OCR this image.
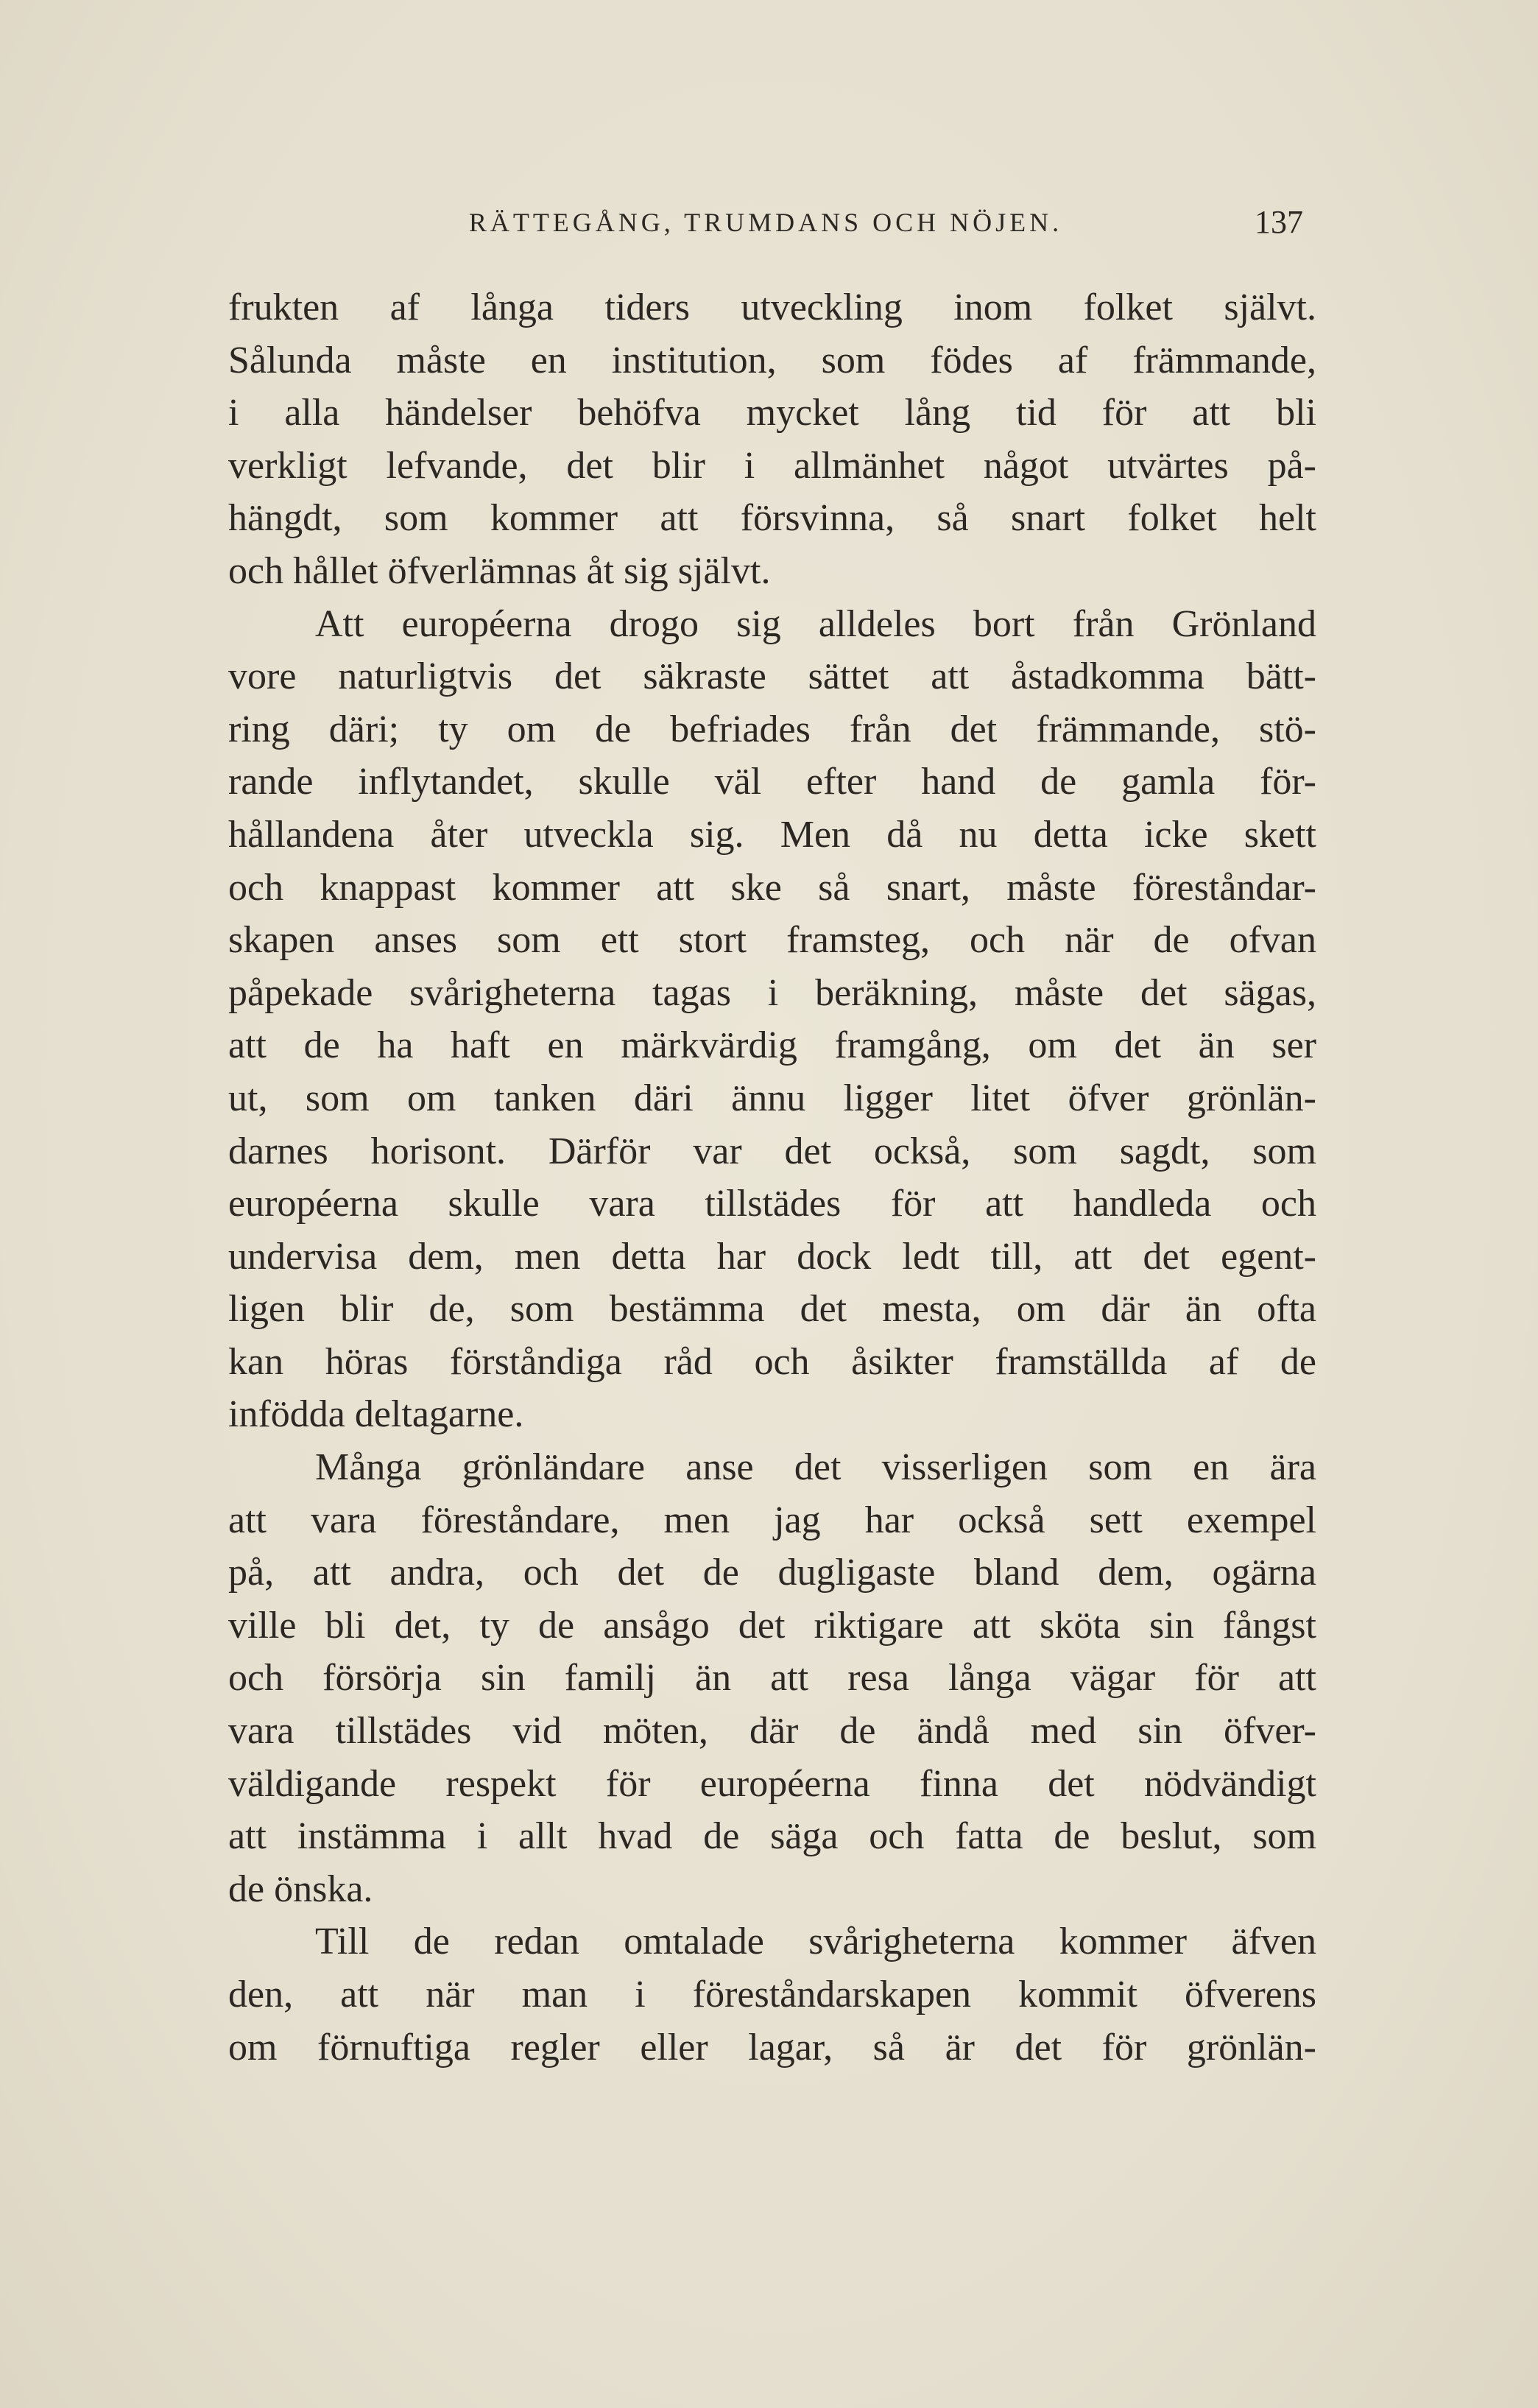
RÄTTEGÅNG, TRUMDANS OCH NÖJEN.	137
frukten af långa tiders utveckling inom folket självt.
Sålunda måste en institution, som födes af främmande,
i alla händelser behöfva mycket lång tid för att bli
verkligt lefvande, det blir i allmänhet något utvärtes på-
hängdt, som kommer att försvinna, så snart folket helt
och hållet öfverlämnas åt sig självt.
Att européerna drogo sig alldeles bort från Grönland
vore naturligtvis det säkraste sättet att åstadkomma bätt-
ring däri; ty om de befriades från det främmande, stö-
rande inflytandet, skulle väl efter hand de gamla för-
hållandena åter utveckla sig. Men då nu detta icke skett
och knappast kommer att ske så snart, måste föreståndar-
skapen anses som ett stort framsteg, och när de ofvan
påpekade svårigheterna tagas i beräkning, måste det sägas,
att de ha haft en märkvärdig framgång, om det än ser
ut, som om tanken däri ännu ligger litet öfver grönlän-
darnes horisont. Därför var det också, som sagdt, som
européerna skulle vara tillstädes för att handleda och
undervisa dem, men detta har dock ledt till, att det egent-
ligen blir de, som bestämma det mesta, om där än ofta
kan höras förståndiga råd och åsikter framställda af de
infödda deltagarne.
Många grönländare anse det visserligen som en ära
att vara föreståndare, men jag har också sett exempel
på, att andra, och det de dugligaste bland dem, ogärna
ville bli det, ty de ansågo det riktigare att sköta sin fångst
och försörja sin familj än att resa långa vägar för att
vara tillstädes vid möten, där de ändå med sin öfver-
väldigande respekt för européerna finna det nödvändigt
att instämma i allt hvad de säga och fatta de beslut, som
de önska.
Till de redan omtalade svårigheterna kommer äfven
den, att när man i föreståndarskapen kommit öfverens
om förnuftiga regler eller lagar, så är det för grönlän-
